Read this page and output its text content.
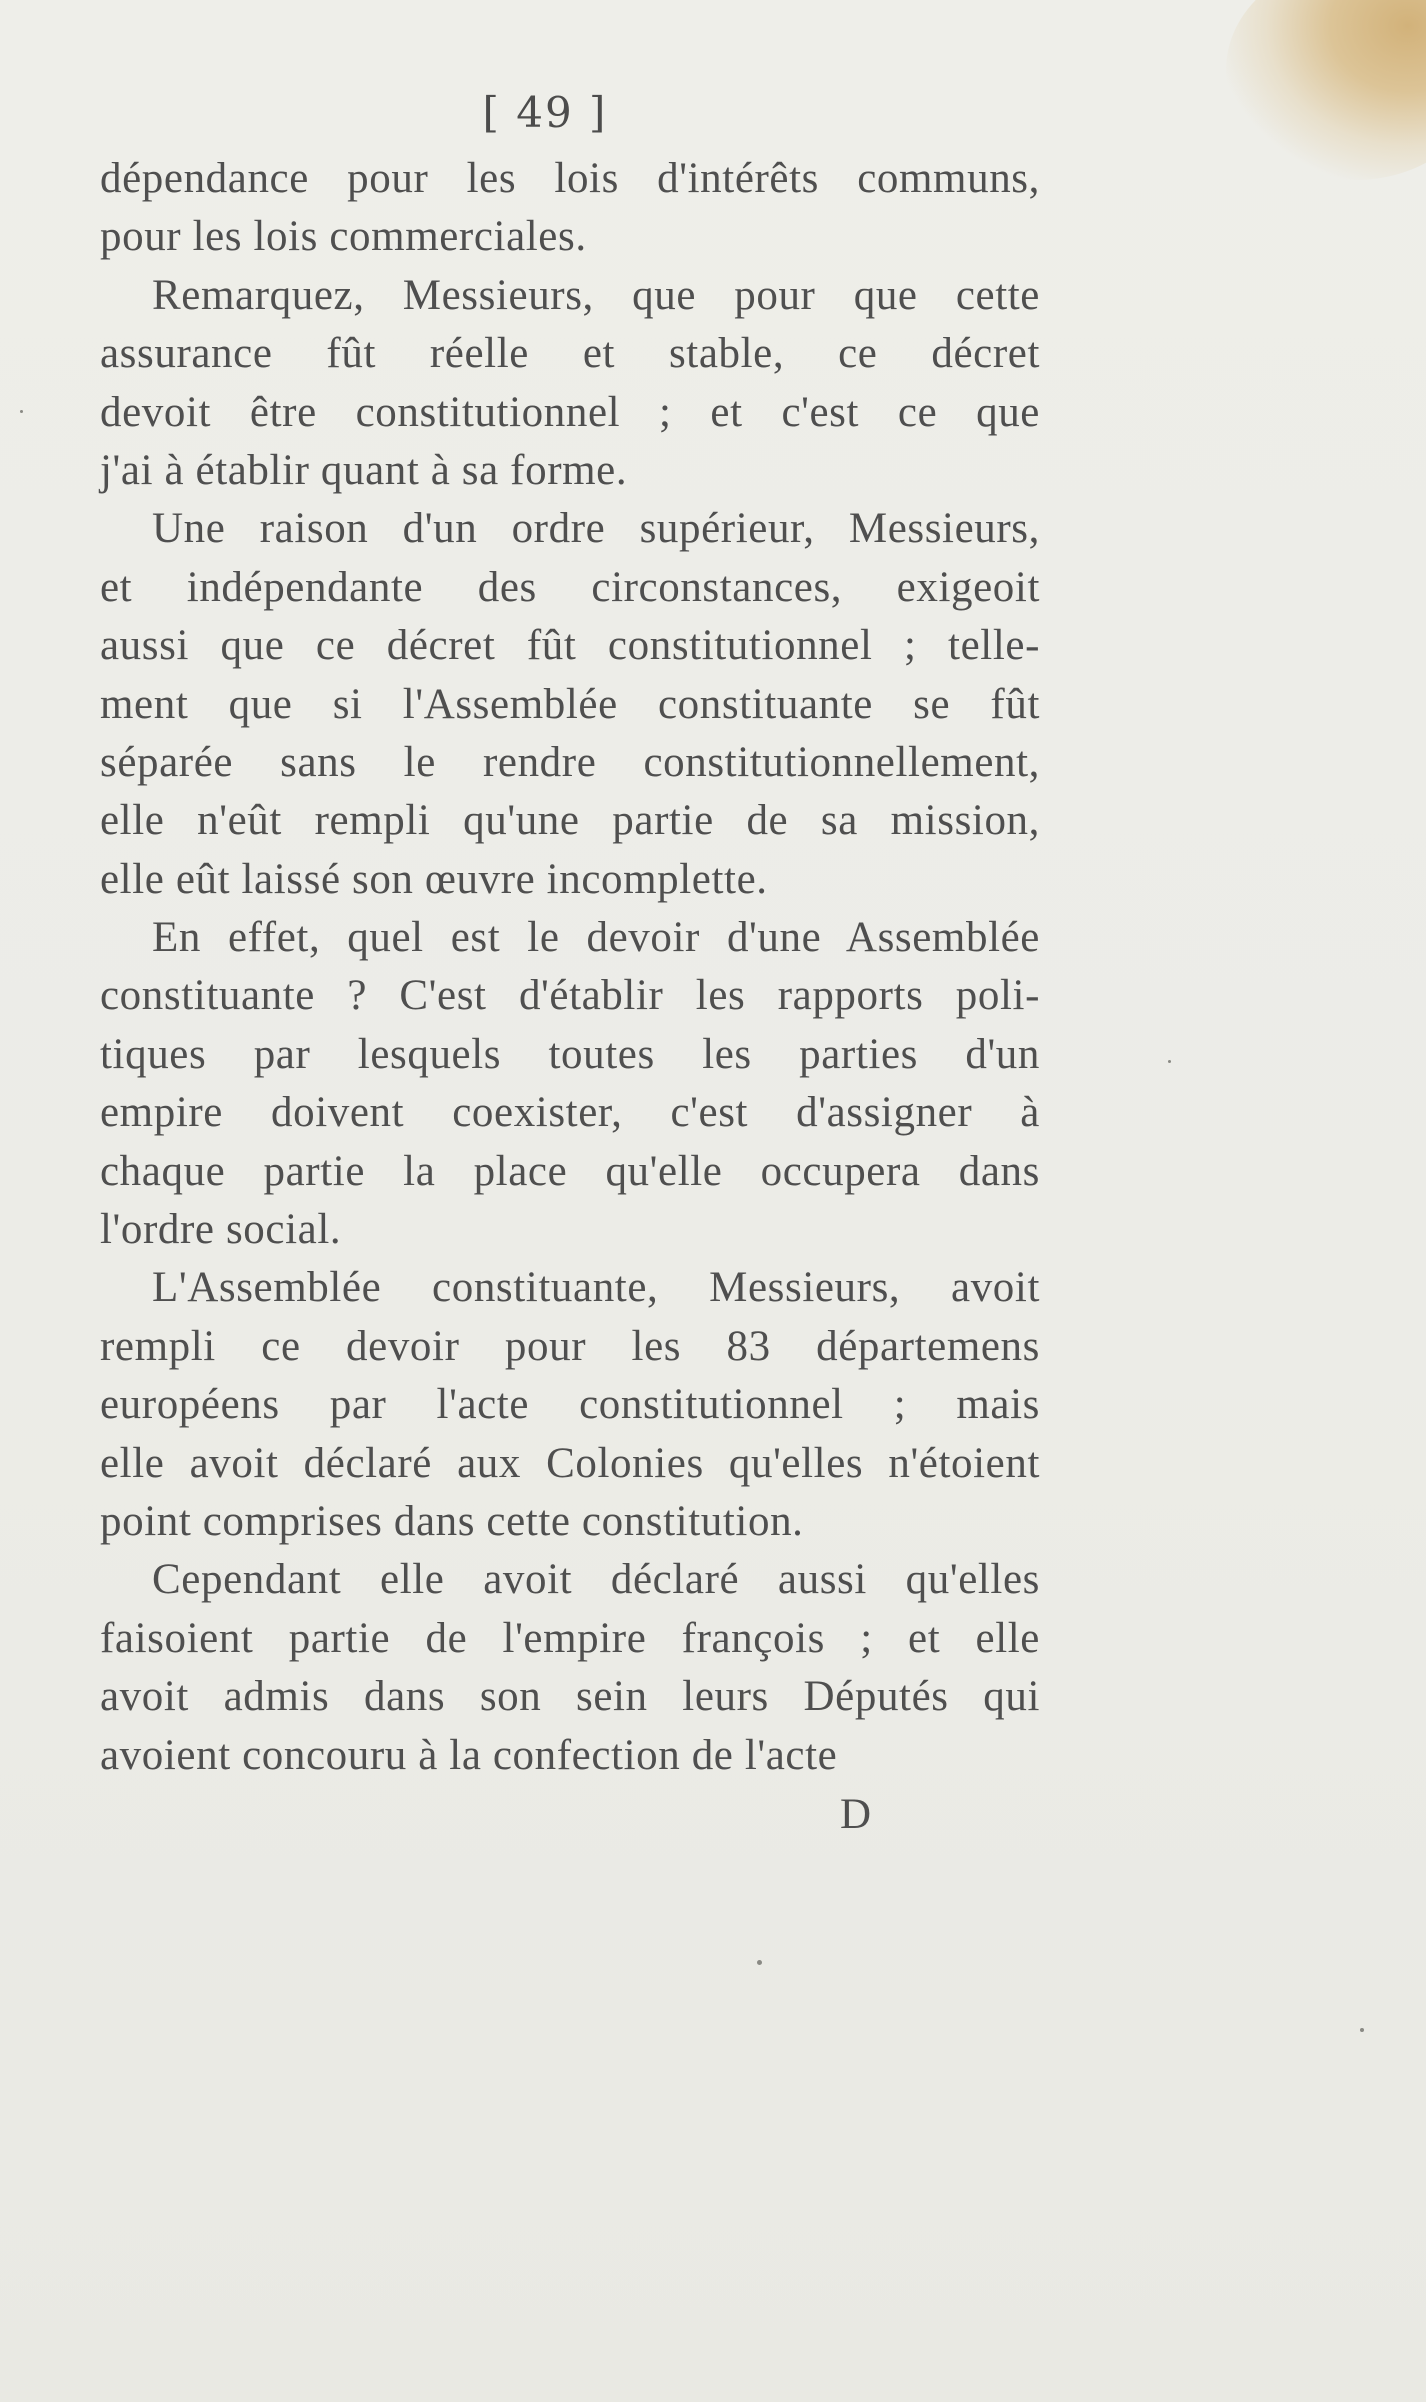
[ 49 ]
dépendance pour les lois d'intérêts communs,
pour les lois commerciales.
Remarquez, Messieurs, que pour que cette
assurance fût réelle et stable, ce décret
devoit être constitutionnel ; et c'est ce que
j'ai à établir quant à sa forme.
Une raison d'un ordre supérieur, Messieurs,
et indépendante des circonstances, exigeoit
aussi que ce décret fût constitutionnel ; telle-
ment que si l'Assemblée constituante se fût
séparée sans le rendre constitutionnellement,
elle n'eût rempli qu'une partie de sa mission,
elle eût laissé son œuvre incomplette.
En effet, quel est le devoir d'une Assemblée
constituante ? C'est d'établir les rapports poli-
tiques par lesquels toutes les parties d'un
empire doivent coexister, c'est d'assigner à
chaque partie la place qu'elle occupera dans
l'ordre social.
L'Assemblée constituante, Messieurs, avoit
rempli ce devoir pour les 83 départemens
européens par l'acte constitutionnel ; mais
elle avoit déclaré aux Colonies qu'elles n'étoient
point comprises dans cette constitution.
Cependant elle avoit déclaré aussi qu'elles
faisoient partie de l'empire françois ; et elle
avoit admis dans son sein leurs Députés qui
avoient concouru à la confection de l'acte
D
